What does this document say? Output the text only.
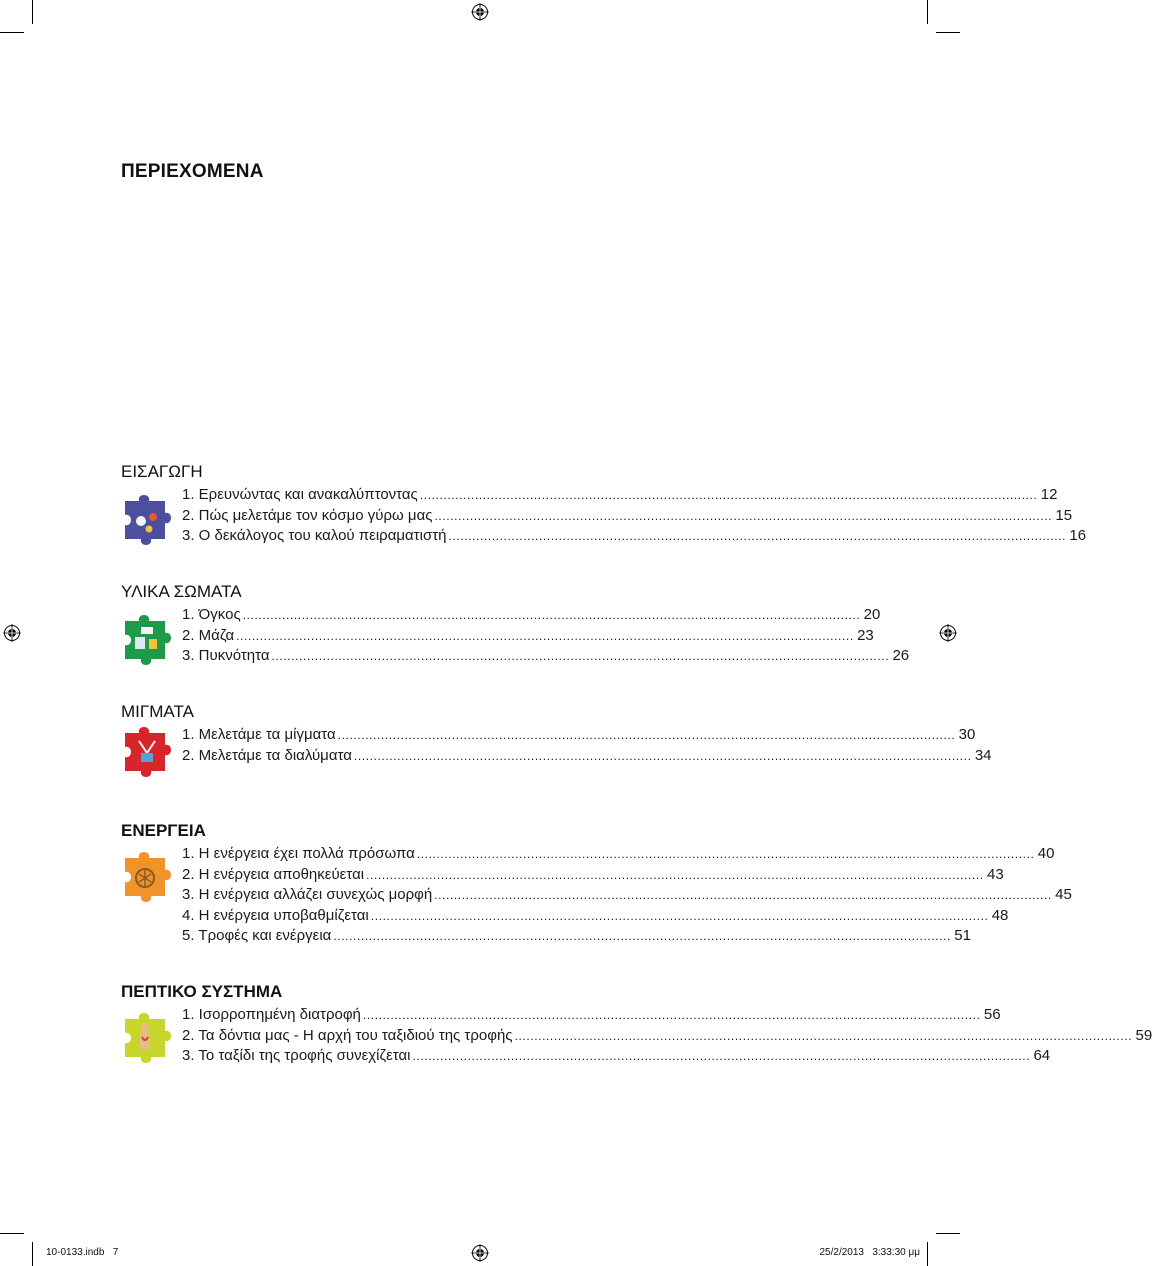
ΠΕΡΙΕΧΟΜΕΝΑ
ΕΙΣΑΓΩΓΗ
1. Ερευνώντας και ανακαλύπτοντας ............................................................................................................................................................. 12
2. Πώς μελετάμε τον κόσμο γύρω μας ............................................................................................................................................................. 15
3. Ο δεκάλογος του καλού πειραματιστή ............................................................................................................................................................. 16
ΥΛΙΚΑ ΣΩΜΑΤΑ
1. Όγκος ............................................................................................................................................................. 20
2. Μάζα ............................................................................................................................................................. 23
3. Πυκνότητα ............................................................................................................................................................. 26
ΜΙΓΜΑΤΑ
1. Μελετάμε τα μίγματα ............................................................................................................................................................. 30
2. Μελετάμε τα διαλύματα ............................................................................................................................................................. 34
ΕΝΕΡΓΕΙΑ
1. Η ενέργεια έχει πολλά πρόσωπα ............................................................................................................................................................. 40
2. Η ενέργεια αποθηκεύεται ............................................................................................................................................................. 43
3. Η ενέργεια αλλάζει συνεχώς μορφή ............................................................................................................................................................. 45
4. Η ενέργεια υποβαθμίζεται ............................................................................................................................................................. 48
5. Τροφές και ενέργεια ............................................................................................................................................................. 51
ΠΕΠΤΙΚΟ ΣΥΣΤΗΜΑ
1. Ισορροπημένη διατροφή ............................................................................................................................................................. 56
2. Τα δόντια μας - Η αρχή του ταξιδιού της τροφής ............................................................................................................................................................. 59
3. Το ταξίδι της τροφής συνεχίζεται ............................................................................................................................................................. 64
10-0133.indb   7	25/2/2013   3:33:30 μμ
